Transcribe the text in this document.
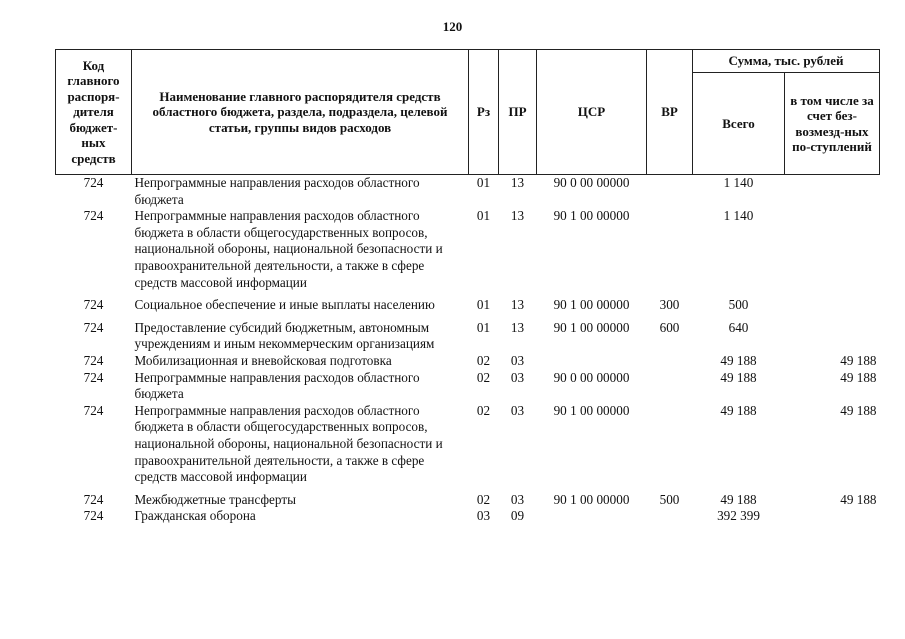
120
Код главного распоря-дителя бюджет-ных средств	Наименование главного распорядителя средств областного бюджета, раздела, подраздела, целевой статьи, группы видов расходов	Рз	ПР	ЦСР	ВР	Сумма, тыс. рублей	
						Всего	в том числе за счет без-возмезд-ных по-ступлений
724	Непрограммные направления расходов областного бюджета	01	13	90 0 00 00000		1 140	
724	Непрограммные направления расходов областного бюджета в области общегосударственных вопросов, национальной обороны, национальной безопасности и правоохранительной деятельности, а также в сфере средств массовой информации	01	13	90 1 00 00000		1 140	
724	Социальное обеспечение и иные выплаты населению	01	13	90 1 00 00000	300	500	
724	Предоставление субсидий бюджетным, автономным учреждениям и иным некоммерческим организациям	01	13	90 1 00 00000	600	640	
724	Мобилизационная и вневойсковая подготовка	02	03			49 188	49 188
724	Непрограммные направления расходов областного бюджета	02	03	90 0 00 00000		49 188	49 188
724	Непрограммные направления расходов областного бюджета в области общегосударственных вопросов, национальной обороны, национальной безопасности и правоохранительной деятельности, а также в сфере средств массовой информации	02	03	90 1 00 00000		49 188	49 188
724	Межбюджетные трансферты	02	03	90 1 00 00000	500	49 188	49 188
724	Гражданская оборона	03	09			392 399	
